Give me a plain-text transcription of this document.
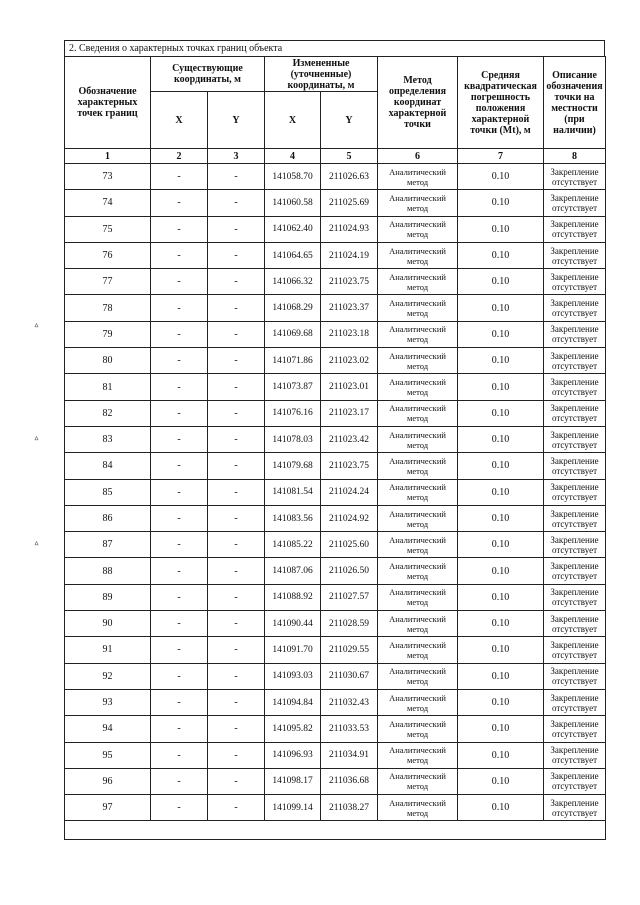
2. Сведения о характерных точках границ объекта
Обозначение характерных точек границ	Существующие координаты, м		Измененные (уточненные) координаты, м		Метод определения координат характерной точки	Средняя квадратическая погрешность положения характерной точки (Mt), м	Описание обозначения точки на местности (при наличии)
	X	Y	X	Y			
1	2	3	4	5	6	7	8
73	-	-	141058.70	211026.63	Аналитический метод	0.10	Закрепление отсутствует
74	-	-	141060.58	211025.69	Аналитический метод	0.10	Закрепление отсутствует
75	-	-	141062.40	211024.93	Аналитический метод	0.10	Закрепление отсутствует
76	-	-	141064.65	211024.19	Аналитический метод	0.10	Закрепление отсутствует
77	-	-	141066.32	211023.75	Аналитический метод	0.10	Закрепление отсутствует
78	-	-	141068.29	211023.37	Аналитический метод	0.10	Закрепление отсутствует
79	-	-	141069.68	211023.18	Аналитический метод	0.10	Закрепление отсутствует
80	-	-	141071.86	211023.02	Аналитический метод	0.10	Закрепление отсутствует
81	-	-	141073.87	211023.01	Аналитический метод	0.10	Закрепление отсутствует
82	-	-	141076.16	211023.17	Аналитический метод	0.10	Закрепление отсутствует
83	-	-	141078.03	211023.42	Аналитический метод	0.10	Закрепление отсутствует
84	-	-	141079.68	211023.75	Аналитический метод	0.10	Закрепление отсутствует
85	-	-	141081.54	211024.24	Аналитический метод	0.10	Закрепление отсутствует
86	-	-	141083.56	211024.92	Аналитический метод	0.10	Закрепление отсутствует
87	-	-	141085.22	211025.60	Аналитический метод	0.10	Закрепление отсутствует
88	-	-	141087.06	211026.50	Аналитический метод	0.10	Закрепление отсутствует
89	-	-	141088.92	211027.57	Аналитический метод	0.10	Закрепление отсутствует
90	-	-	141090.44	211028.59	Аналитический метод	0.10	Закрепление отсутствует
91	-	-	141091.70	211029.55	Аналитический метод	0.10	Закрепление отсутствует
92	-	-	141093.03	211030.67	Аналитический метод	0.10	Закрепление отсутствует
93	-	-	141094.84	211032.43	Аналитический метод	0.10	Закрепление отсутствует
94	-	-	141095.82	211033.53	Аналитический метод	0.10	Закрепление отсутствует
95	-	-	141096.93	211034.91	Аналитический метод	0.10	Закрепление отсутствует
96	-	-	141098.17	211036.68	Аналитический метод	0.10	Закрепление отсутствует
97	-	-	141099.14	211038.27	Аналитический метод	0.10	Закрепление отсутствует

ᐞ
ᐞ
ᐞ
